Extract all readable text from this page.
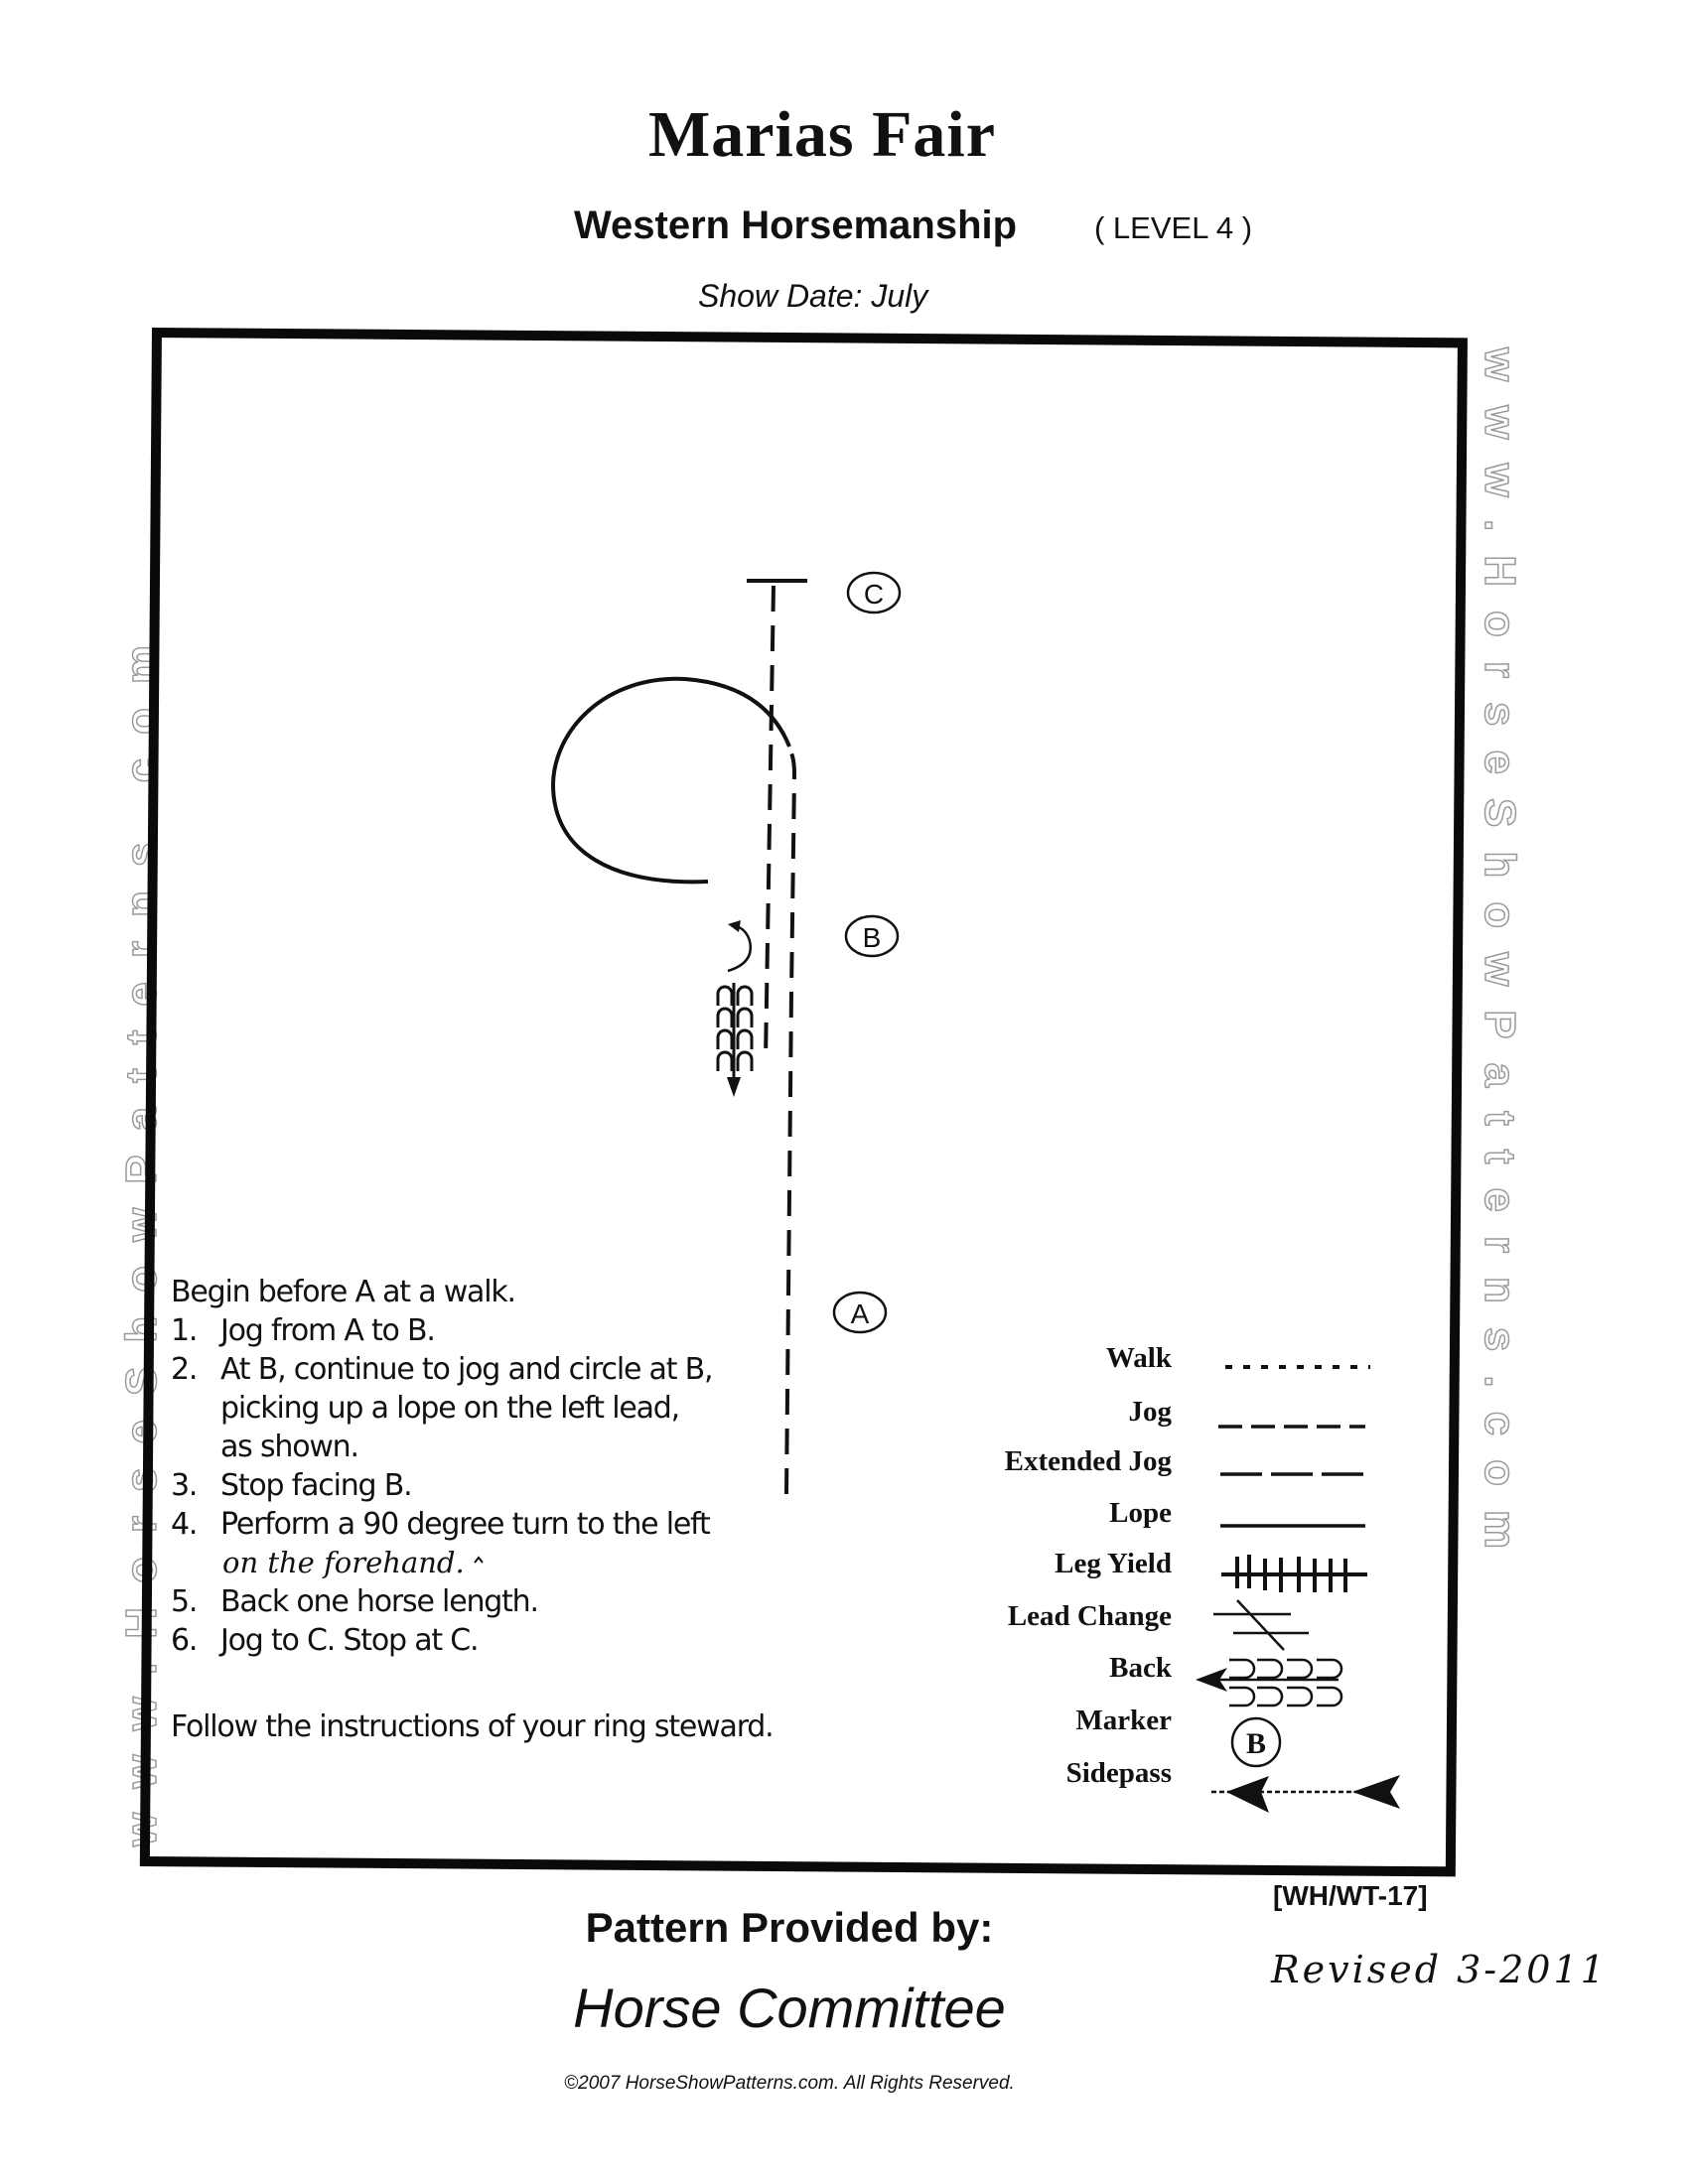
Marias Fair
Western Horsemanship	( LEVEL 4 )
Show Date: July
www.HorseShowPatterns.com	www.HorseShowPatterns.com
C
B
A
B
Begin before A at a walk.
1. Jog from A to B.
2. At B, continue to jog and circle at B,
picking up a lope on the left lead,
as shown.
3. Stop facing B.
4. Perform a 90 degree turn to the left
on the forehand.
5. Back one horse length.
6. Jog to C. Stop at C.
Follow the instructions of your ring steward.
Walk
Jog
Extended Jog
Lope
Leg Yield
Lead Change
Back
Marker
Sidepass
[WH/WT-17]
Revised 3-2011
Pattern Provided by:
Horse Committee
©2007 HorseShowPatterns.com. All Rights Reserved.
